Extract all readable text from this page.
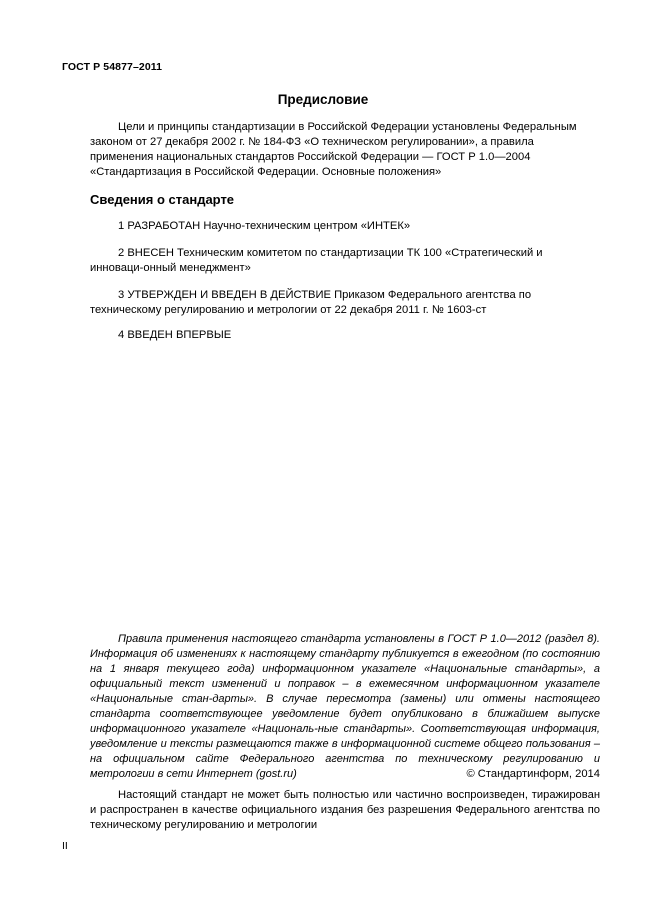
ГОСТ Р 54877–2011
Предисловие

Цели и принципы стандартизации в Российской Федерации установлены Федеральным законом от 27 декабря 2002 г. № 184-ФЗ «О техническом регулировании», а правила применения национальных стандартов Российской Федерации — ГОСТ Р 1.0—2004 «Стандартизация в Российской Федерации. Основные положения»

Сведения о стандарте

1 РАЗРАБОТАН Научно-техническим центром «ИНТЕК»

2 ВНЕСЕН Техническим комитетом по стандартизации ТК 100 «Стратегический и инновaци-онный менеджмент»

3 УТВЕРЖДЕН И ВВЕДЕН В ДЕЙСТВИЕ Приказом Федерального агентства по техническому регулированию и метрологии от 22 декабря 2011 г. № 1603-ст

4 ВВЕДЕН ВПЕРВЫЕ

Правила применения настоящего стандарта установлены в ГОСТ Р 1.0—2012 (раздел 8). Информация об изменениях к настоящему стандарту публикуется в ежегодном (по состоянию на 1 января текущего года) информационном указателе «Национальные стандарты», а официальный текст изменений и поправок – в ежемесячном информационном указателе «Национальные стан-дарты». В случае пересмотра (замены) или отмены настоящего стандарта соответствующее уведомление будет опубликовано в ближайшем выпуске информационного указателе «Националь-ные стандарты». Соответствующая информация, уведомление и тексты размещаются также в информационной системе общего пользования – на официальном сайте Федерального агентства по техническому регулированию и метрологии в сети Интернет (gost.ru)	© Стандартинформ, 2014

Настоящий стандарт не может быть полностью или частично воспроизведен, тиражирован и распространен в качестве официального издания без разрешения Федерального агентства по техническому регулированию и метрологии

II
